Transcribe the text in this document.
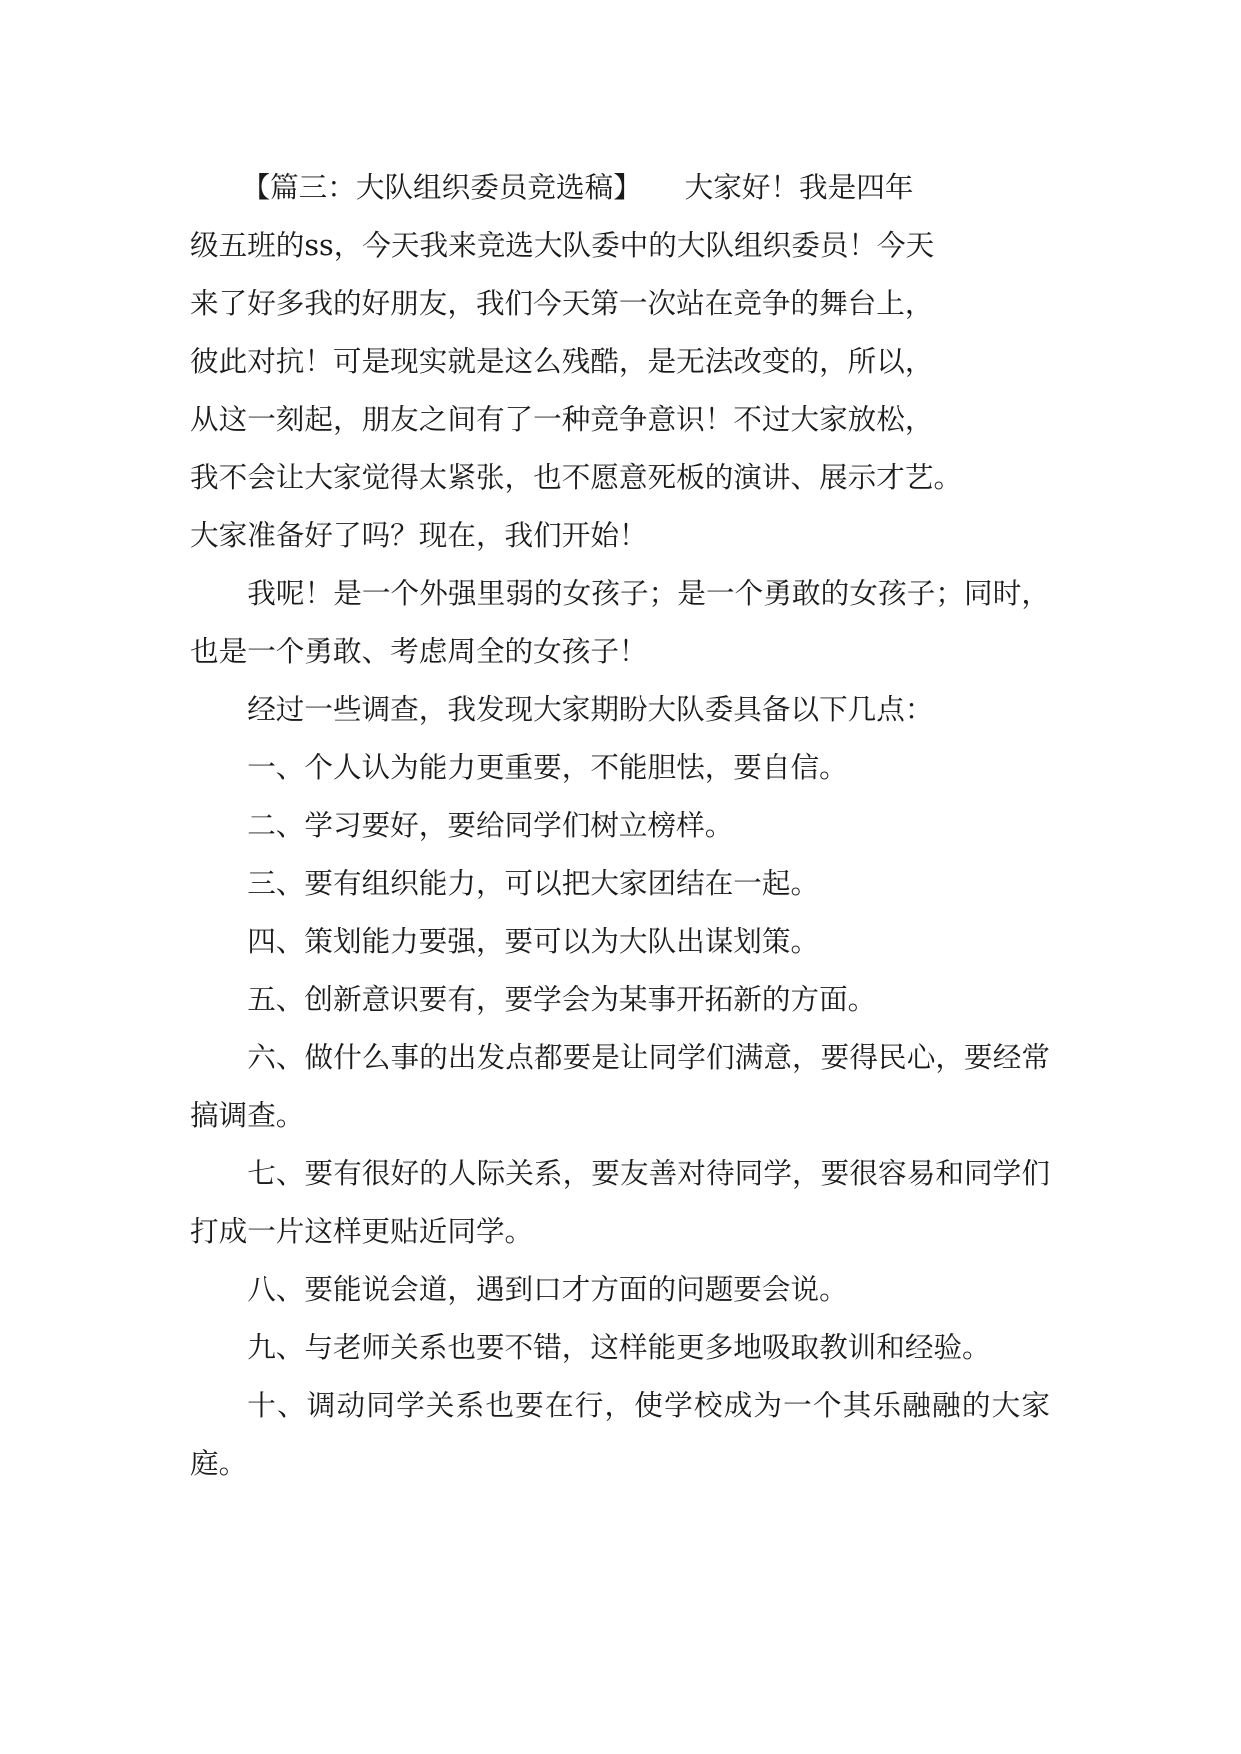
【篇三：大队组织委员竞选稿】　　大家好！我是四年

级五班的ss，今天我来竞选大队委中的大队组织委员！今天

来了好多我的好朋友，我们今天第一次站在竞争的舞台上，

彼此对抗！可是现实就是这么残酷，是无法改变的，所以，

从这一刻起，朋友之间有了一种竞争意识！不过大家放松，

我不会让大家觉得太紧张，也不愿意死板的演讲、展示才艺。

大家准备好了吗？现在，我们开始！

我呢！是一个外强里弱的女孩子；是一个勇敢的女孩子；同时，也是一个勇敢、考虑周全的女孩子！

经过一些调查，我发现大家期盼大队委具备以下几点：

一、个人认为能力更重要，不能胆怯，要自信。

二、学习要好，要给同学们树立榜样。

三、要有组织能力，可以把大家团结在一起。

四、策划能力要强，要可以为大队出谋划策。

五、创新意识要有，要学会为某事开拓新的方面。

六、做什么事的出发点都要是让同学们满意，要得民心，要经常搞调查。

七、要有很好的人际关系，要友善对待同学，要很容易和同学们打成一片这样更贴近同学。

八、要能说会道，遇到口才方面的问题要会说。

九、与老师关系也要不错，这样能更多地吸取教训和经验。

十、调动同学关系也要在行，使学校成为一个其乐融融的大家庭。
